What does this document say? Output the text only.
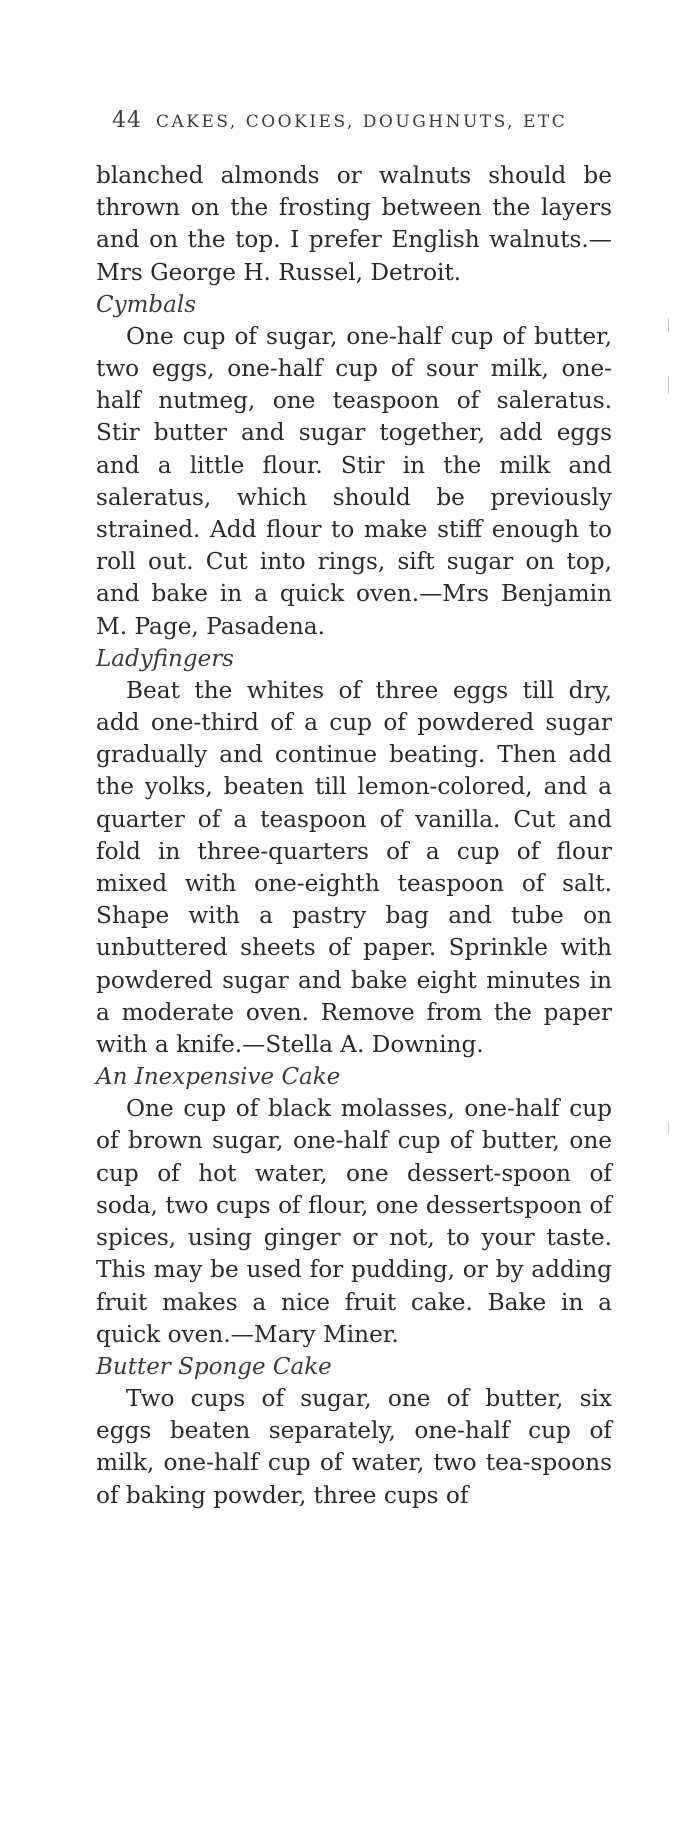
44 CAKES, COOKIES, DOUGHNUTS, ETC

blanched almonds or walnuts should be thrown on the frosting between the layers and on the top. I prefer English walnuts.—Mrs George H. Russel, Detroit.

Cymbals

One cup of sugar, one-half cup of butter, two eggs, one-half cup of sour milk, one-half nutmeg, one teaspoon of saleratus. Stir butter and sugar together, add eggs and a little flour. Stir in the milk and saleratus, which should be previously strained. Add flour to make stiff enough to roll out. Cut into rings, sift sugar on top, and bake in a quick oven.—Mrs Benjamin M. Page, Pasadena.

Ladyfingers

Beat the whites of three eggs till dry, add one-third of a cup of powdered sugar gradually and continue beating. Then add the yolks, beaten till lemon-colored, and a quarter of a teaspoon of vanilla. Cut and fold in three-quarters of a cup of flour mixed with one-eighth teaspoon of salt. Shape with a pastry bag and tube on unbuttered sheets of paper. Sprinkle with powdered sugar and bake eight minutes in a moderate oven. Remove from the paper with a knife.—Stella A. Downing.

An Inexpensive Cake

One cup of black molasses, one-half cup of brown sugar, one-half cup of butter, one cup of hot water, one dessert-spoon of soda, two cups of flour, one dessertspoon of spices, using ginger or not, to your taste. This may be used for pudding, or by adding fruit makes a nice fruit cake. Bake in a quick oven.—Mary Miner.

Butter Sponge Cake

Two cups of sugar, one of butter, six eggs beaten separately, one-half cup of milk, one-half cup of water, two tea-spoons of baking powder, three cups of
